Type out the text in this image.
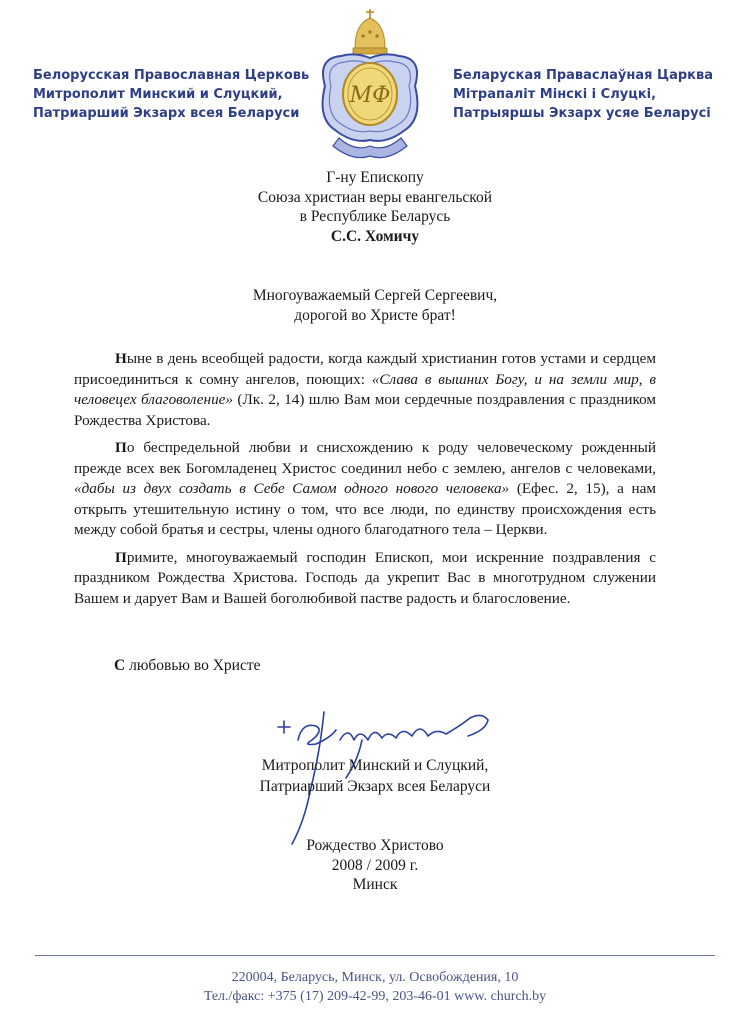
Белорусская Православная Церковь
Митрополит Минский и Слуцкий,
Патриарший Экзарх всея Беларуси
МФ
Беларуская Праваслаўная Царква
Мітрапаліт Мінскі і Слуцкі,
Патрыяршы Экзарх усяе Беларусі
Г-ну Епископу
Союза христиан веры евангельской
в Республике Беларусь
С.С. Хомичу
Многоуважаемый Сергей Сергеевич,
дорогой во Христе брат!

Ныне в день всеобщей радости, когда каждый христианин готов устами и сердцем присоединиться к сомну ангелов, поющих: «Слава в вышних Богу, и на земли мир, в человецех благоволение» (Лк. 2, 14) шлю Вам мои сердечные поздравления с праздником Рождества Христова.

По беспредельной любви и снисхождению к роду человеческому рожденный прежде всех век Богомладенец Христос соединил небо с землею, ангелов с человеками, «дабы из двух создать в Себе Самом одного нового человека» (Ефес. 2, 15), а нам открыть утешительную истину о том, что все люди, по единству происхождения есть между собой братья и сестры, члены одного благодатного тела – Церкви.

Примите, многоуважаемый господин Епископ, мои искренние поздравления с праздником Рождества Христова. Господь да укрепит Вас в многотрудном служении Вашем и дарует Вам и Вашей боголюбивой пастве радость и благословение.

С любовью во Христе
Митрополит Минский и Слуцкий,
Патриарший Экзарх всея Беларуси
Рождество Христово
2008 / 2009 г.
Минск
220004, Беларусь, Минск, ул. Освобождения, 10
Тел./факс: +375 (17) 209-42-99, 203-46-01 www. church.by
